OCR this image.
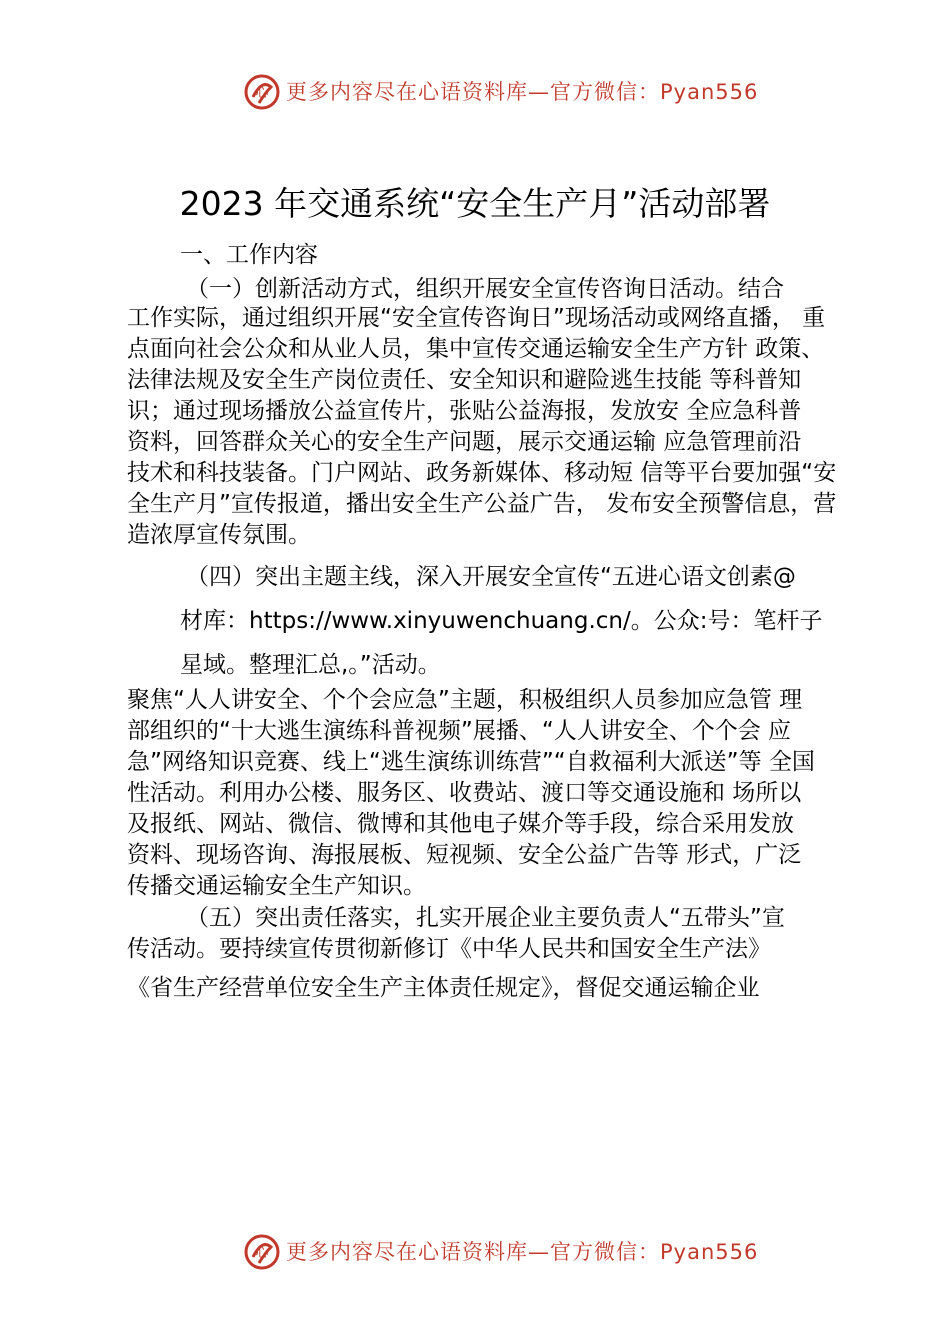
心 更多内容尽在心语资料库—官方微信：Pyan556
2023 年交通系统“安全生产月”活动部署
一、工作内容
（一）创新活动方式，组织开展安全宣传咨询日活动。结合
工作实际，通过组织开展“安全宣传咨询日”现场活动或网络直播， 重
点面向社会公众和从业人员，集中宣传交通运输安全生产方针 政策、
法律法规及安全生产岗位责任、安全知识和避险逃生技能 等科普知
识；通过现场播放公益宣传片，张贴公益海报，发放安 全应急科普
资料，回答群众关心的安全生产问题，展示交通运输 应急管理前沿
技术和科技装备。门户网站、政务新媒体、移动短 信等平台要加强“安
全生产月”宣传报道，播出安全生产公益广告， 发布安全预警信息，营
造浓厚宣传氛围。
（四）突出主题主线，深入开展安全宣传“五进心语文创素@
材库：https://www.xinyuwenchuang.cn/。公众:号：笔杆子
星域。整理汇总,。”活动。
聚焦“人人讲安全、个个会应急”主题，积极组织人员参加应急管 理
部组织的“十大逃生演练科普视频”展播、“人人讲安全、个个会 应
急”网络知识竞赛、线上“逃生演练训练营”“自救福利大派送”等 全国
性活动。利用办公楼、服务区、收费站、渡口等交通设施和 场所以
及报纸、网站、微信、微博和其他电子媒介等手段，综合采用发放
资料、现场咨询、海报展板、短视频、安全公益广告等 形式，广泛
传播交通运输安全生产知识。
（五）突出责任落实，扎实开展企业主要负责人“五带头”宣
传活动。要持续宣传贯彻新修订《中华人民共和国安全生产法》
《省生产经营单位安全生产主体责任规定》，督促交通运输企业
心 更多内容尽在心语资料库—官方微信：Pyan556
